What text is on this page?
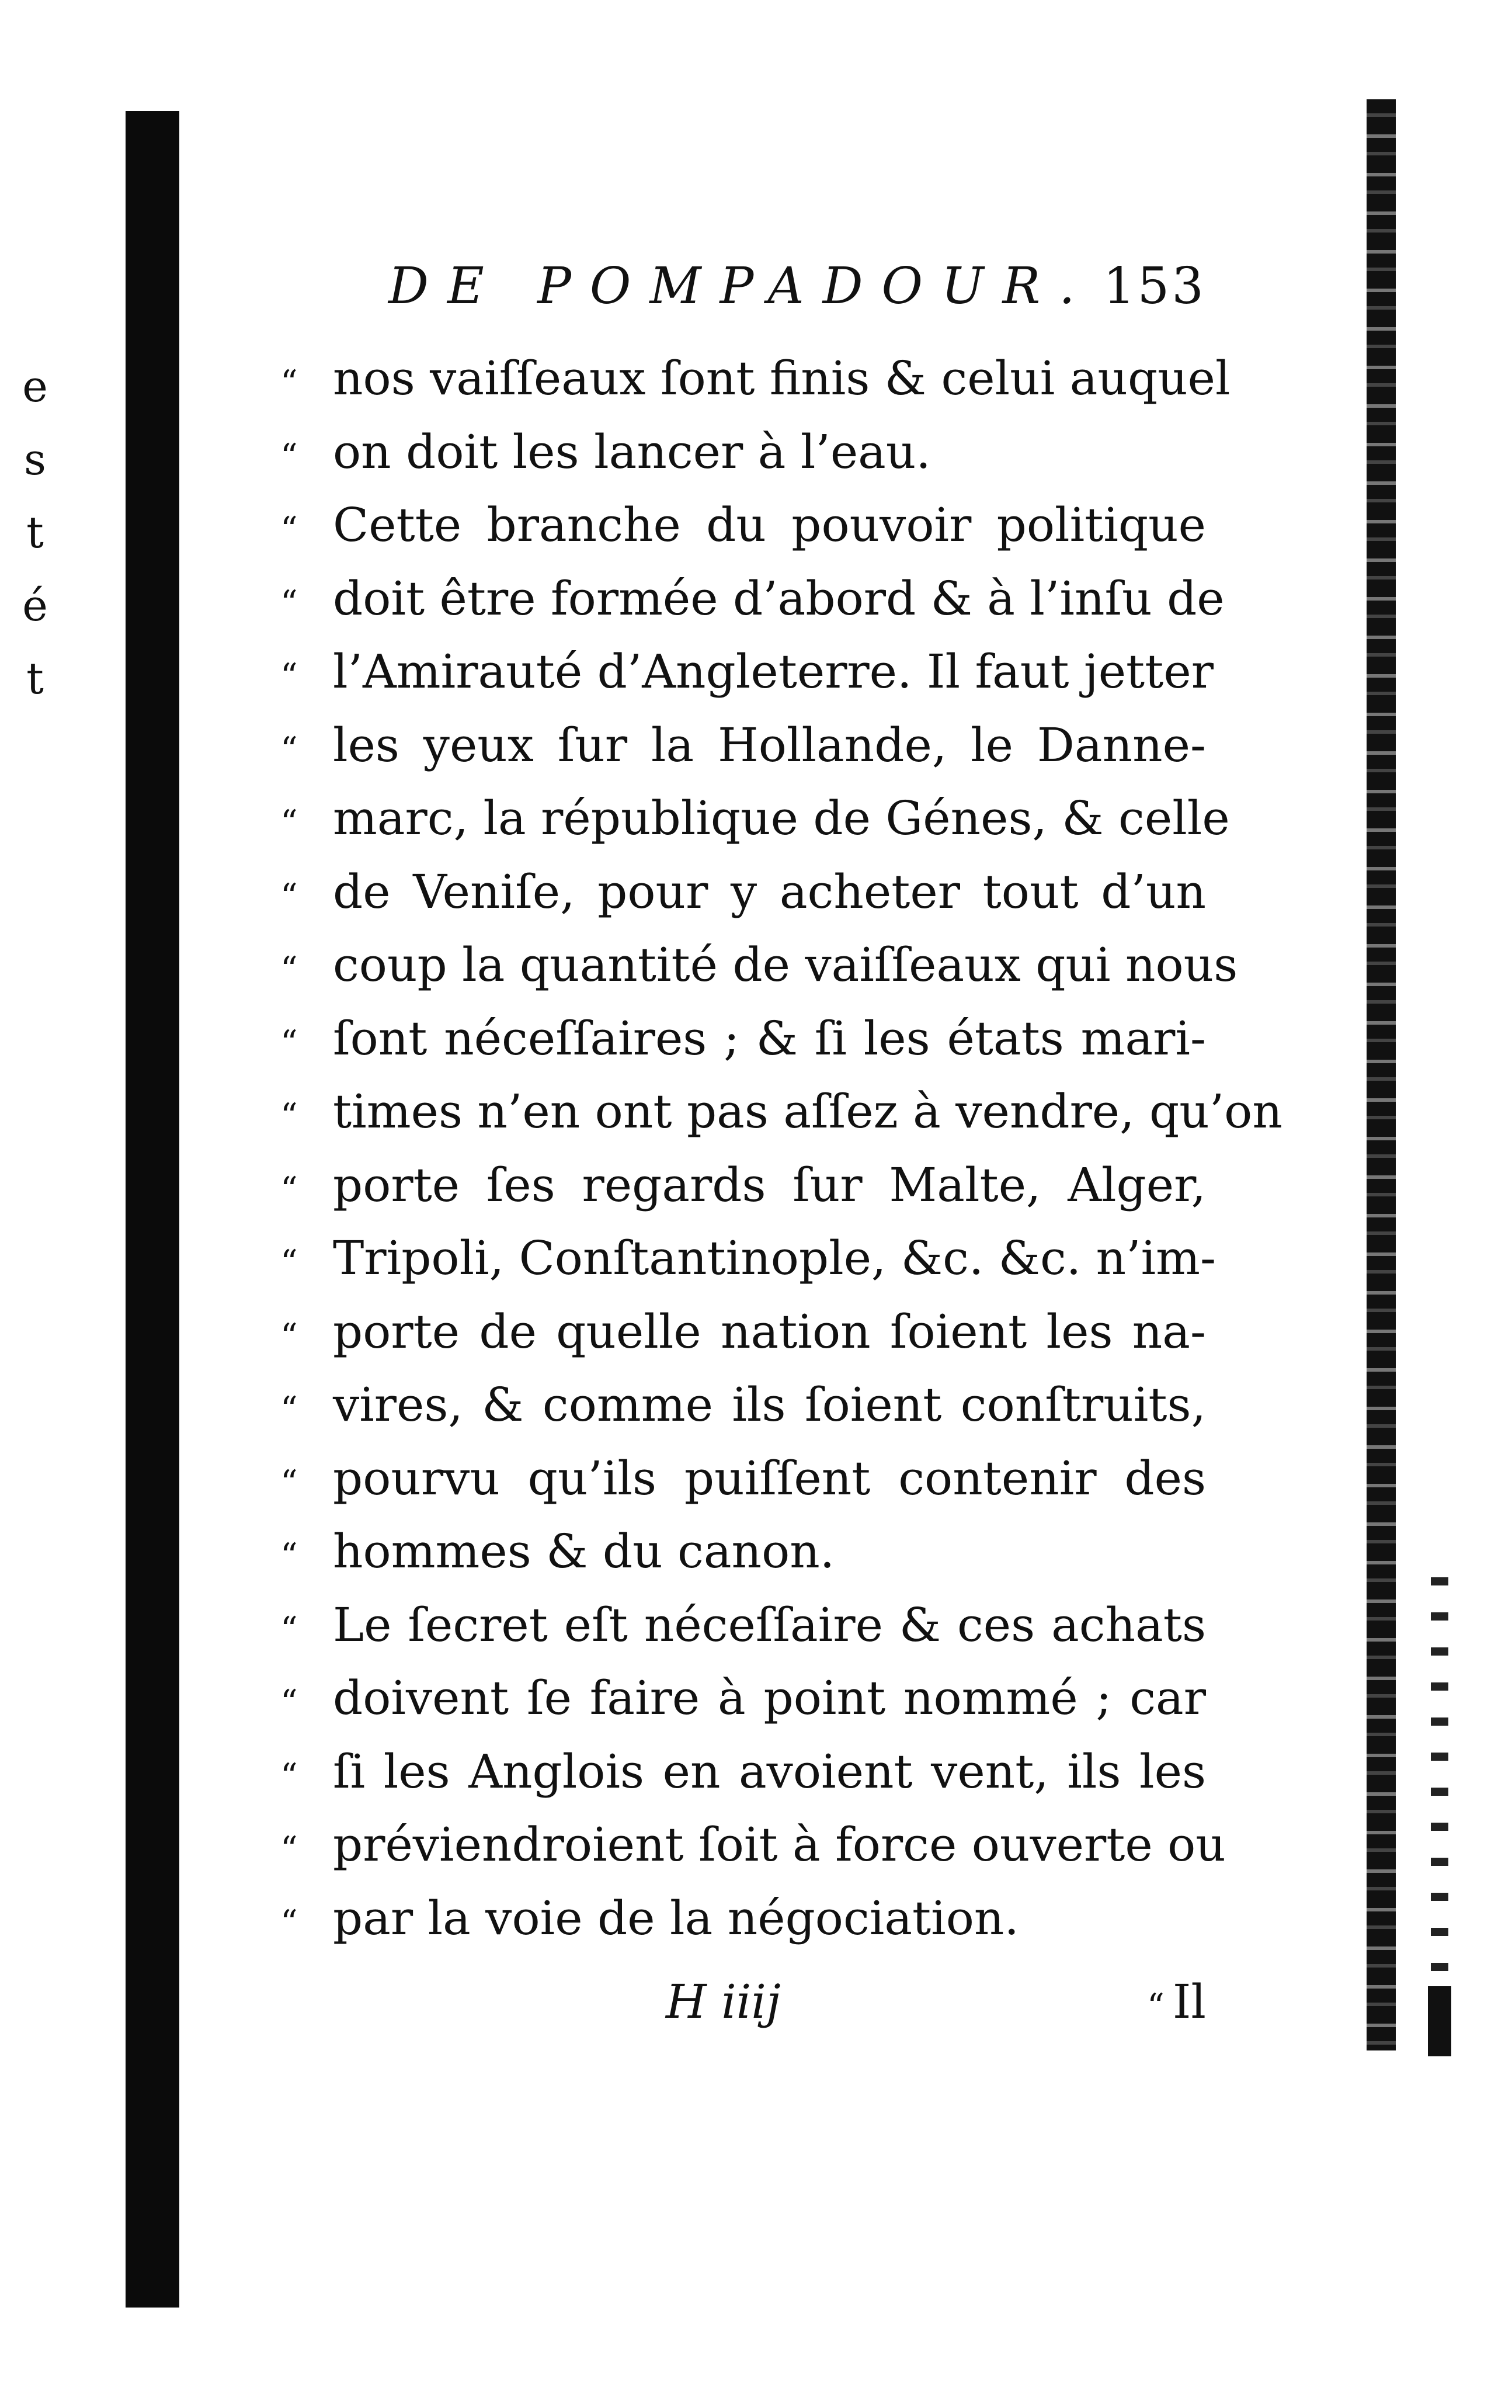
e
s
t
é
t
DE POMPADOUR. 153
“ nos vaiſſeaux ſont finis & celui auquel
“ on doit les lancer à l’eau.
“ Cette branche du pouvoir politique
“ doit être formée d’abord & à l’inſu de
“ l’Amirauté d’Angleterre. Il faut jetter
“ les yeux ſur la Hollande, le Danne-
“ marc, la république de Génes, & celle
“ de Veniſe, pour y acheter tout d’un
“ coup la quantité de vaiſſeaux qui nous
“ ſont néceſſaires ; & ſi les états mari-
“ times n’en ont pas aſſez à vendre, qu’on
“ porte ſes regards ſur Malte, Alger,
“ Tripoli, Conſtantinople, &c. &c. n’im-
“ porte de quelle nation ſoient les na-
“ vires, & comme ils ſoient conſtruits,
“ pourvu qu’ils puiſſent contenir des
“ hommes & du canon.
“ Le ſecret eſt néceſſaire & ces achats
“ doivent ſe faire à point nommé ; car
“ ſi les Anglois en avoient vent, ils les
“ préviendroient ſoit à force ouverte ou
“ par la voie de la négociation.
H iiij	“ Il
